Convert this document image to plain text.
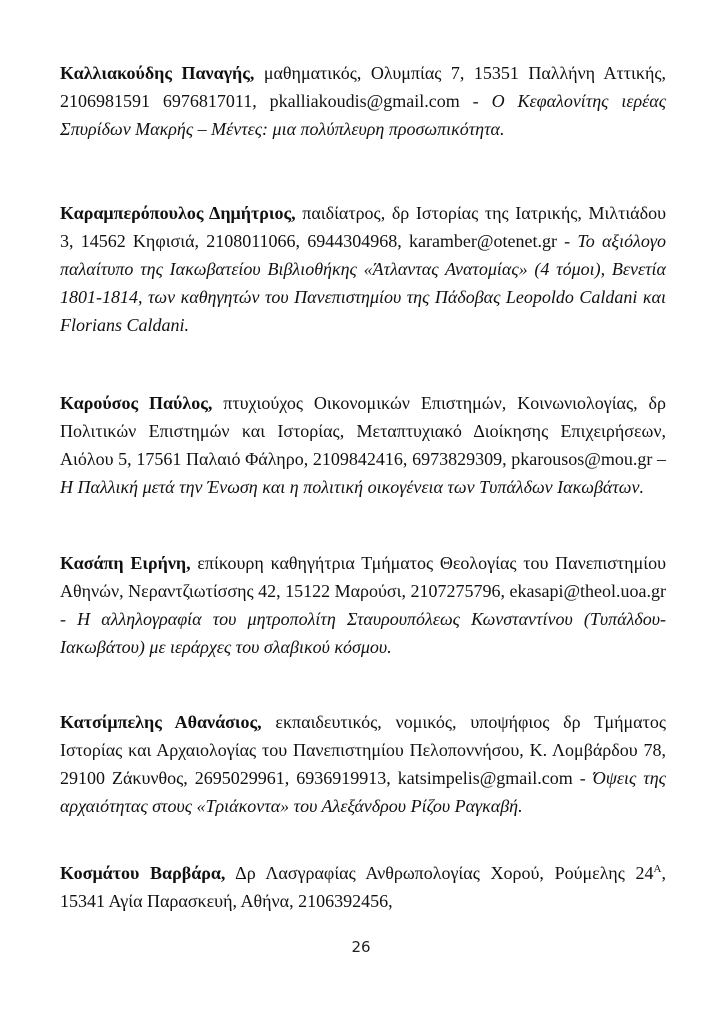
Καλλιακούδης Παναγής, μαθηματικός, Ολυμπίας 7, 15351 Παλλήνη Αττικής, 2106981591 6976817011, pkalliakoudis@gmail.com - Ο Κεφαλονίτης ιερέας Σπυρίδων Μακρής – Μέντες: μια πολύπλευρη προσωπικότητα.

Καραμπερόπουλος Δημήτριος, παιδίατρος, δρ Ιστορίας της Ιατρικής, Μιλτιάδου 3, 14562 Κηφισιά, 2108011066, 6944304968, karamber@otenet.gr - Το αξιόλογο παλαίτυπο της Ιακωβατείου Βιβλιοθήκης «Άτλαντας Ανατομίας» (4 τόμοι), Βενετία 1801-1814, των καθηγητών του Πανεπιστημίου της Πάδοβας Leopoldo Caldani και Florians Caldani.

Καρούσος Παύλος, πτυχιούχος Οικονομικών Επιστημών, Κοινωνιολογίας, δρ Πολιτικών Επιστημών και Ιστορίας, Μεταπτυχιακό Διοίκησης Επιχειρήσεων, Αιόλου 5, 17561 Παλαιό Φάληρο, 2109842416, 6973829309, pkarousos@mou.gr – Η Παλλική μετά την Ένωση και η πολιτική οικογένεια των Τυπάλδων Ιακωβάτων.

Κασάπη Ειρήνη, επίκουρη καθηγήτρια Τμήματος Θεολογίας του Πανεπιστημίου Αθηνών, Νεραντζιωτίσσης 42, 15122 Μαρούσι, 2107275796, ekasapi@theol.uoa.gr - Η αλληλογραφία του μητροπολίτη Σταυρουπόλεως Κωνσταντίνου (Τυπάλδου-Ιακωβάτου) με ιεράρχες του σλαβικού κόσμου.

Κατσίμπελης Αθανάσιος, εκπαιδευτικός, νομικός, υποψήφιος δρ Τμήματος Ιστορίας και Αρχαιολογίας του Πανεπιστημίου Πελοποννήσου, Κ. Λομβάρδου 78, 29100 Ζάκυνθος, 2695029961, 6936919913, katsimpelis@gmail.com - Όψεις της αρχαιότητας στους «Τριάκοντα» του Αλεξάνδρου Ρίζου Ραγκαβή.

Κοσμάτου Βαρβάρα, Δρ Λασγραφίας Ανθρωπολογίας Χορού, Ρούμελης $24^A$, 15341 Αγία Παρασκευή, Αθήνα, 2106392456,

26
